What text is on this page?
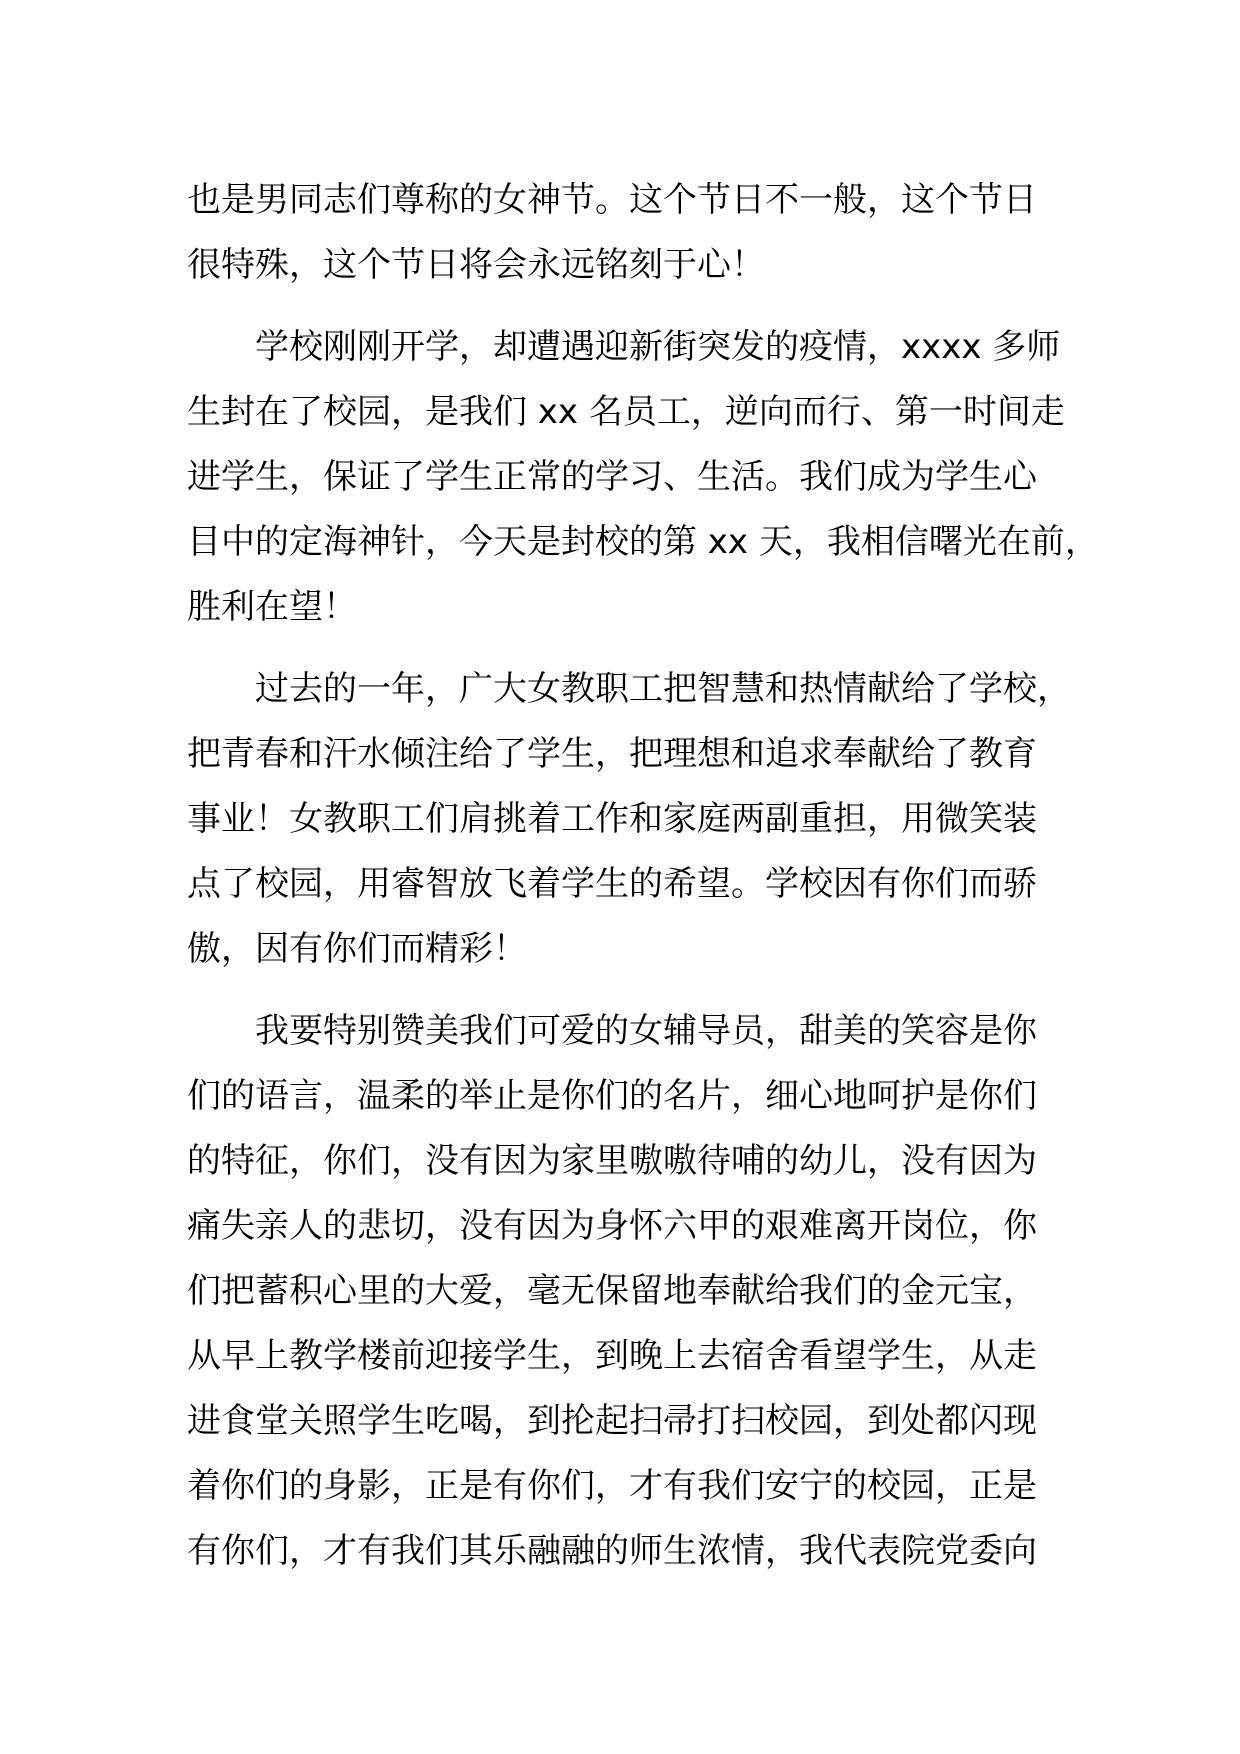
也是男同志们尊称的女神节。这个节日不一般，这个节日
很特殊，这个节日将会永远铭刻于心！

学校刚刚开学，却遭遇迎新街突发的疫情，xxxx 多师
生封在了校园，是我们 xx 名员工，逆向而行、第一时间走
进学生，保证了学生正常的学习、生活。我们成为学生心
目中的定海神针，今天是封校的第 xx 天，我相信曙光在前，
胜利在望！

过去的一年，广大女教职工把智慧和热情献给了学校，
把青春和汗水倾注给了学生，把理想和追求奉献给了教育
事业！女教职工们肩挑着工作和家庭两副重担，用微笑装
点了校园，用睿智放飞着学生的希望。学校因有你们而骄
傲，因有你们而精彩！

我要特别赞美我们可爱的女辅导员，甜美的笑容是你
们的语言，温柔的举止是你们的名片，细心地呵护是你们
的特征，你们，没有因为家里嗷嗷待哺的幼儿，没有因为
痛失亲人的悲切，没有因为身怀六甲的艰难离开岗位，你
们把蓄积心里的大爱，毫无保留地奉献给我们的金元宝，
从早上教学楼前迎接学生，到晚上去宿舍看望学生，从走
进食堂关照学生吃喝，到抡起扫帚打扫校园，到处都闪现
着你们的身影，正是有你们，才有我们安宁的校园，正是
有你们，才有我们其乐融融的师生浓情，我代表院党委向
